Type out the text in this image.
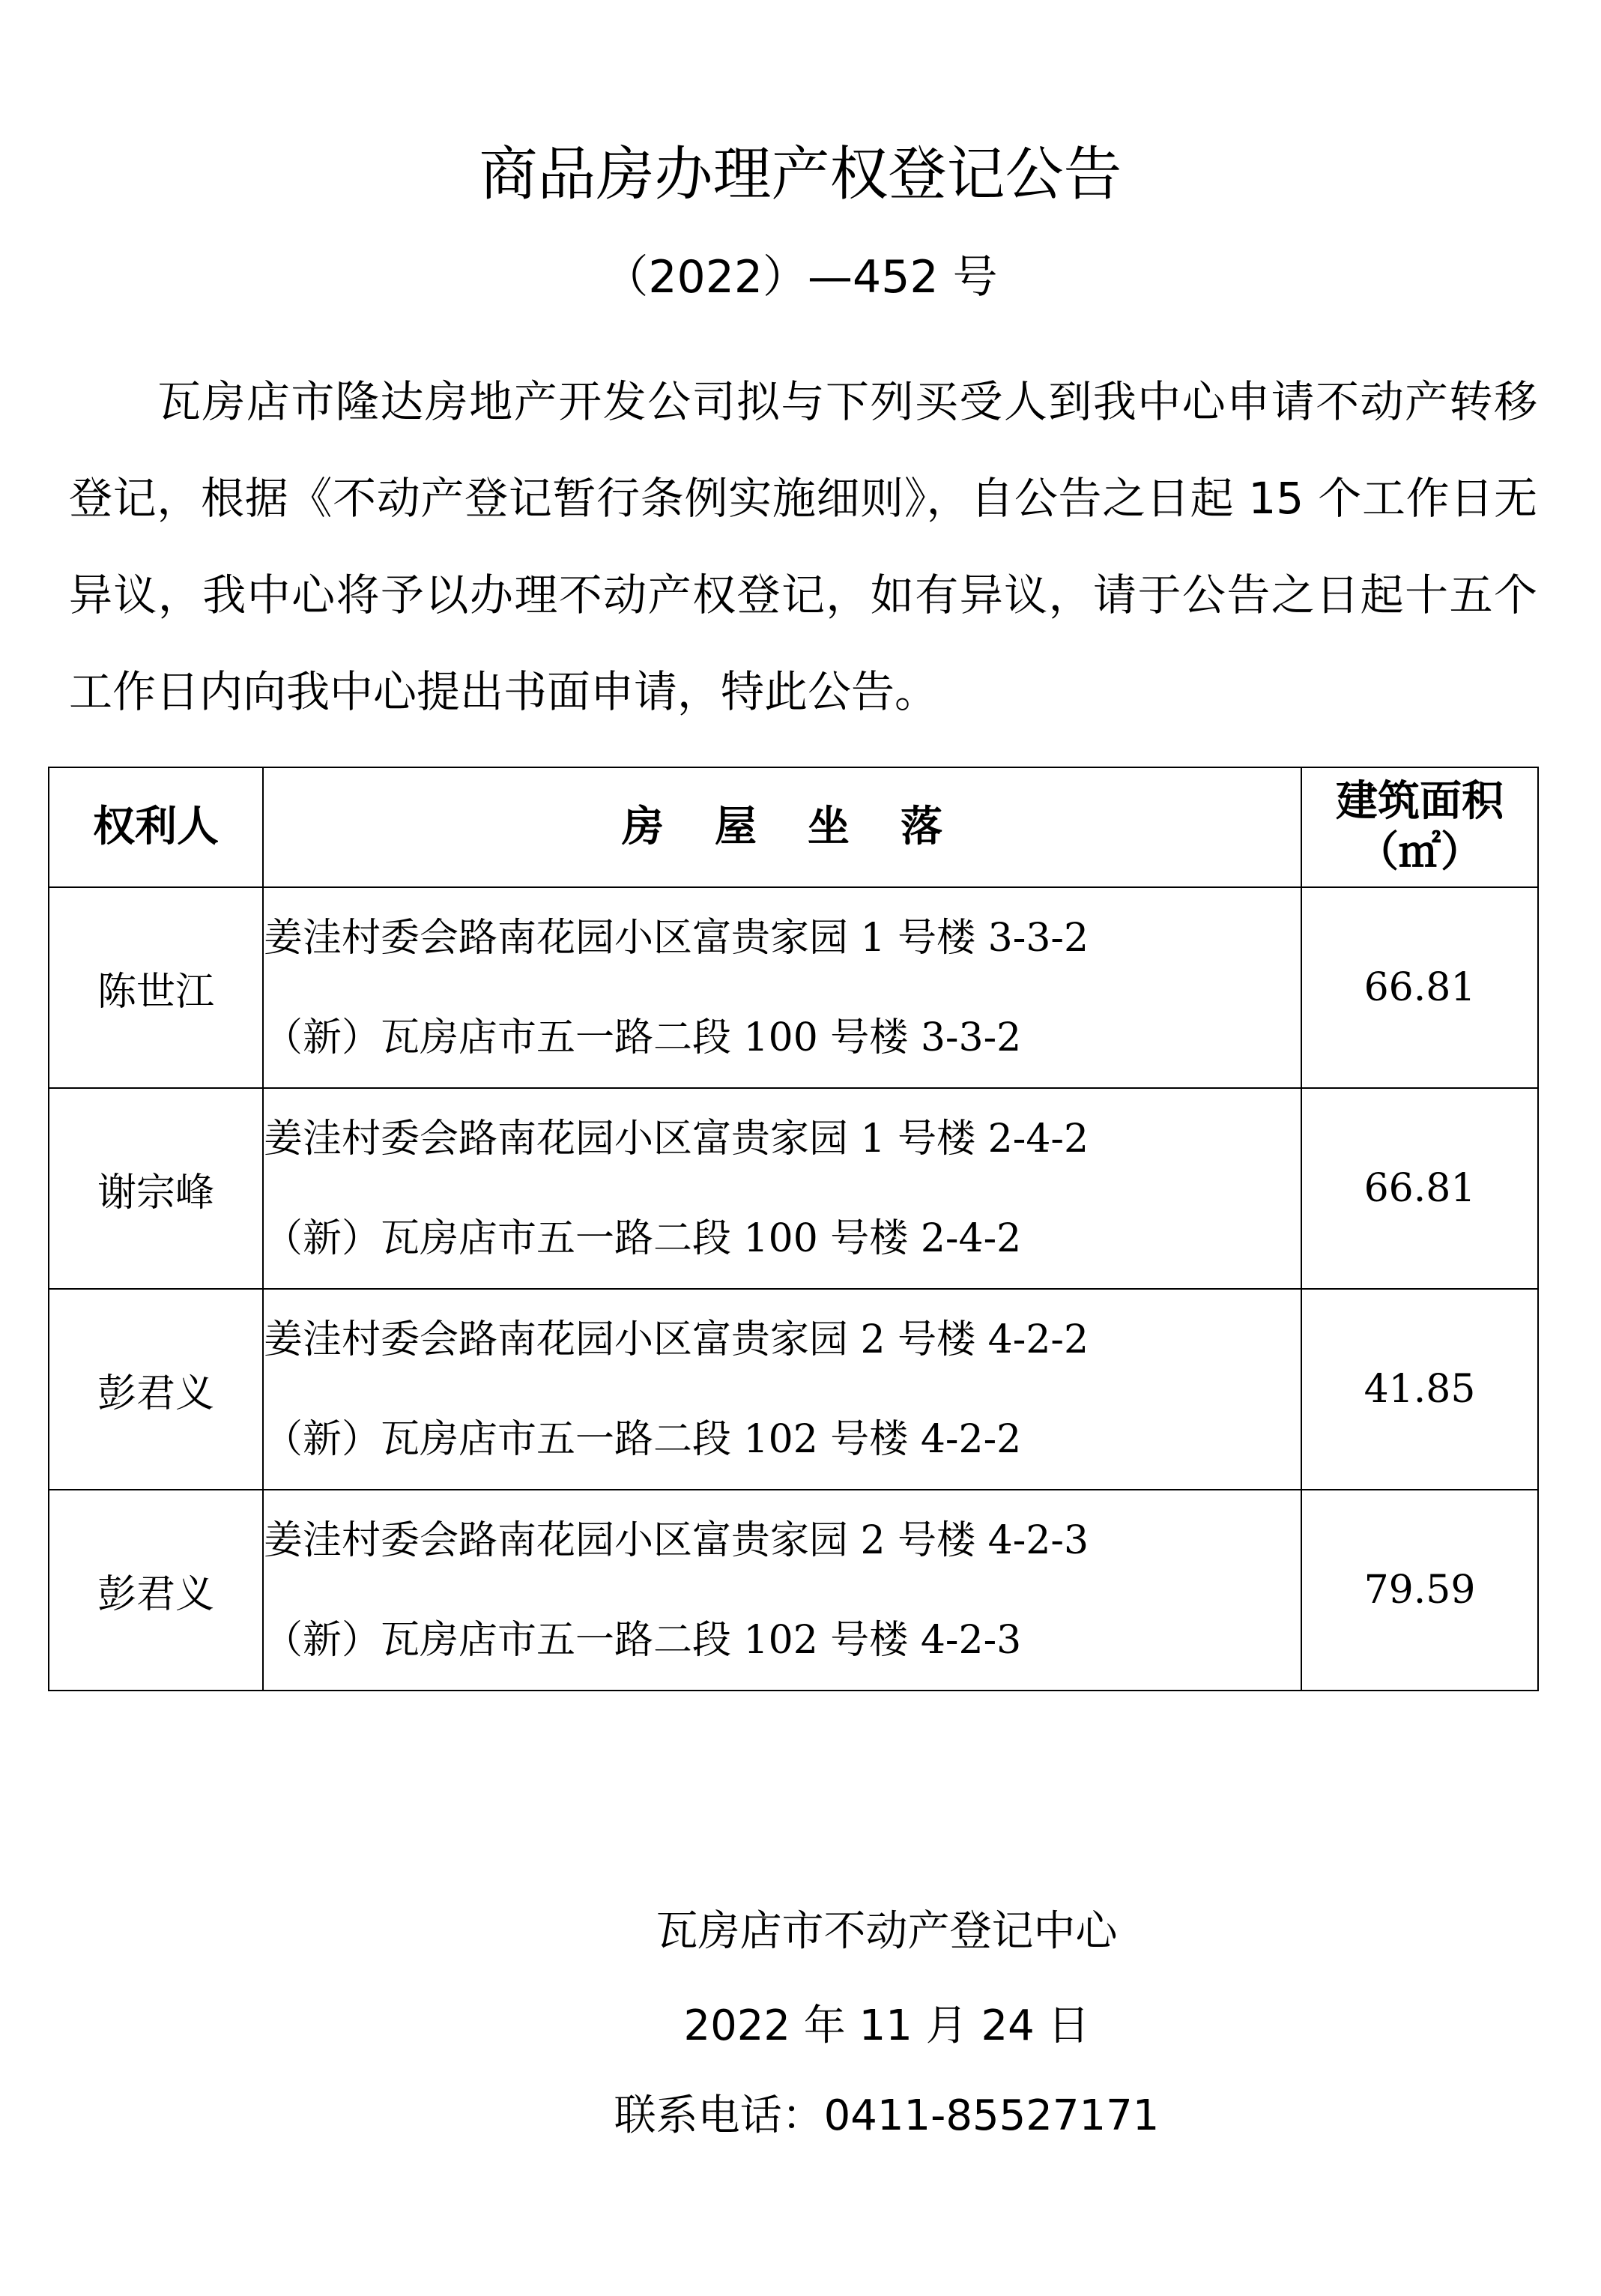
商品房办理产权登记公告
（2022）—452 号
瓦房店市隆达房地产开发公司拟与下列买受人到我中心申请不动产转移登记，根据《不动产登记暂行条例实施细则》，自公告之日起 15 个工作日无异议，我中心将予以办理不动产权登记，如有异议，请于公告之日起十五个工作日内向我中心提出书面申请，特此公告。
权利人	房 屋 坐 落	建筑面积
（㎡）

陈世江	姜洼村委会路南花园小区富贵家园 1 号楼 3-3-2
（新）瓦房店市五一路二段 100 号楼 3-3-2	66.81
谢宗峰	姜洼村委会路南花园小区富贵家园 1 号楼 2-4-2
（新）瓦房店市五一路二段 100 号楼 2-4-2	66.81
彭君义	姜洼村委会路南花园小区富贵家园 2 号楼 4-2-2
（新）瓦房店市五一路二段 102 号楼 4-2-2	41.85
彭君义	姜洼村委会路南花园小区富贵家园 2 号楼 4-2-3
（新）瓦房店市五一路二段 102 号楼 4-2-3	79.59
瓦房店市不动产登记中心
2022 年 11 月 24 日
联系电话：0411-85527171
